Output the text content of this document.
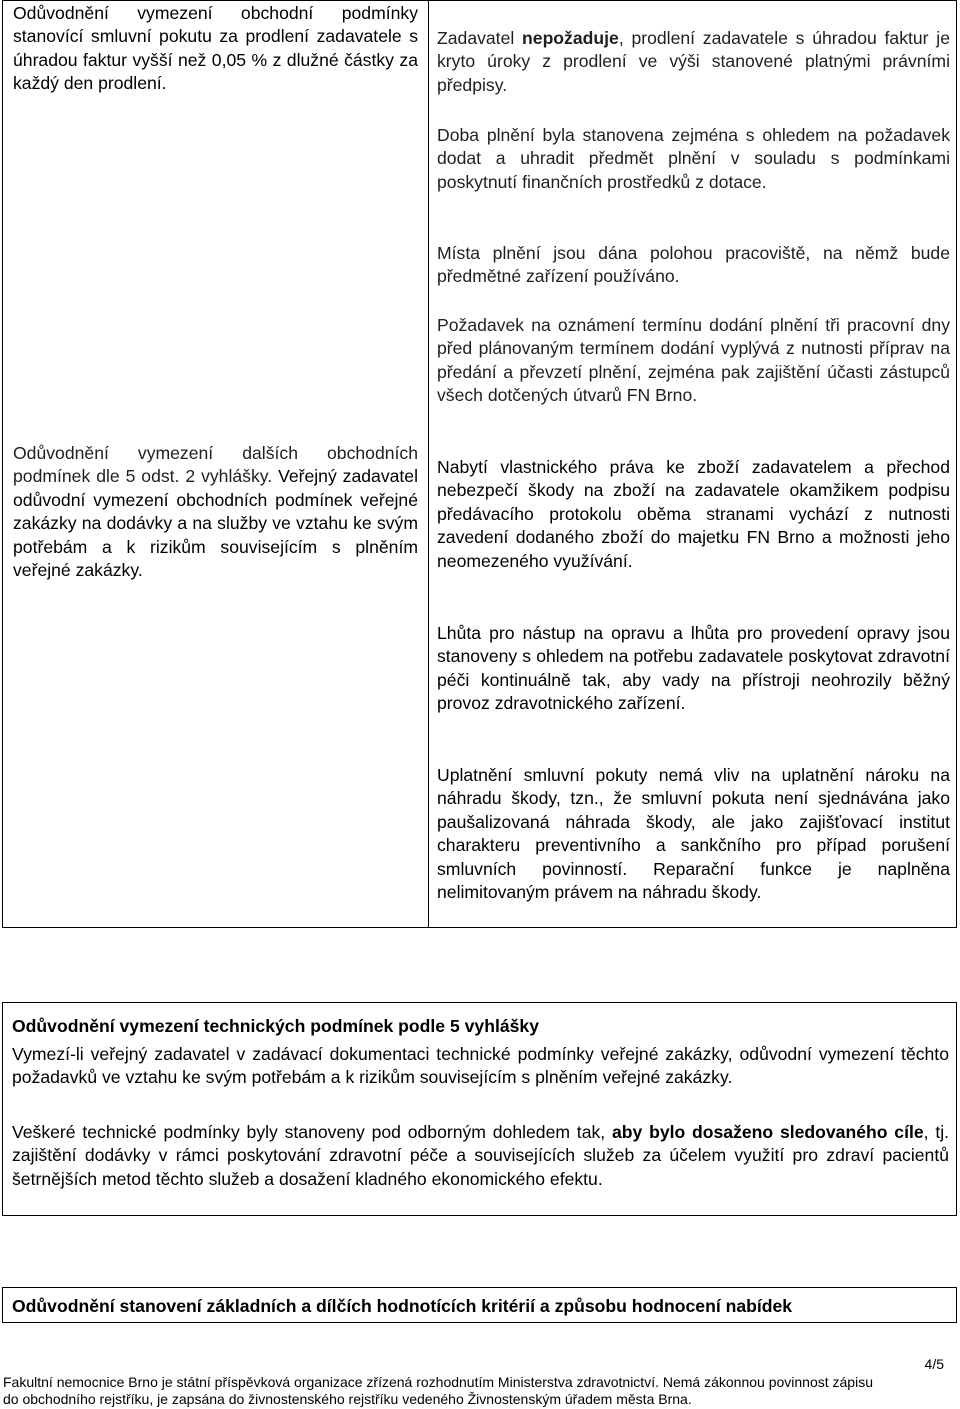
Odůvodnění vymezení obchodní podmínky stanovící smluvní pokutu za prodlení zadavatele s úhradou faktur vyšší než 0,05 % z dlužné částky za každý den prodlení.

Odůvodnění vymezení dalších obchodních podmínek dle 5 odst. 2 vyhlášky. Veřejný zadavatel odůvodní vymezení obchodních podmínek veřejné zakázky na dodávky a na služby ve vztahu ke svým potřebám a k rizikům souvisejícím s plněním veřejné zakázky.

Zadavatel nepožaduje, prodlení zadavatele s úhradou faktur je kryto úroky z prodlení ve výši stanovené platnými právními předpisy.

Doba plnění byla stanovena zejména s ohledem na požadavek dodat a uhradit předmět plnění v souladu s podmínkami poskytnutí finančních prostředků z dotace.

Místa plnění jsou dána polohou pracoviště, na němž bude předmětné zařízení používáno.

Požadavek na oznámení termínu dodání plnění tři pracovní dny před plánovaným termínem dodání vyplývá z nutnosti příprav na předání a převzetí plnění, zejména pak zajištění účasti zástupců všech dotčených útvarů FN Brno.

Nabytí vlastnického práva ke zboží zadavatelem a přechod nebezpečí škody na zboží na zadavatele okamžikem podpisu předávacího protokolu oběma stranami vychází z nutnosti zavedení dodaného zboží do majetku FN Brno a možnosti jeho neomezeného využívání.

Lhůta pro nástup na opravu a lhůta pro provedení opravy jsou stanoveny s ohledem na potřebu zadavatele poskytovat zdravotní péči kontinuálně tak, aby vady na přístroji neohrozily běžný provoz zdravotnického zařízení.

Uplatnění smluvní pokuty nemá vliv na uplatnění nároku na náhradu škody, tzn., že smluvní pokuta není sjednávána jako paušalizovaná náhrada škody, ale jako zajišťovací institut charakteru preventivního a sankčního pro případ porušení smluvních povinností. Reparační funkce je naplněna nelimitovaným právem na náhradu škody.

Odůvodnění vymezení technických podmínek podle 5 vyhlášky

Vymezí-li veřejný zadavatel v zadávací dokumentaci technické podmínky veřejné zakázky, odůvodní vymezení těchto požadavků ve vztahu ke svým potřebám a k rizikům souvisejícím s plněním veřejné zakázky.

Veškeré technické podmínky byly stanoveny pod odborným dohledem tak, aby bylo dosaženo sledovaného cíle, tj. zajištění dodávky v rámci poskytování zdravotní péče a souvisejících služeb za účelem využití pro zdraví pacientů šetrnějších metod těchto služeb a dosažení kladného ekonomického efektu.

Odůvodnění stanovení základních a dílčích hodnotících kritérií a způsobu hodnocení nabídek

4/5
Fakultní nemocnice Brno je státní příspěvková organizace zřízená rozhodnutím Ministerstva zdravotnictví. Nemá zákonnou povinnost zápisu
do obchodního rejstříku, je zapsána do živnostenského rejstříku vedeného Živnostenským úřadem města Brna.
